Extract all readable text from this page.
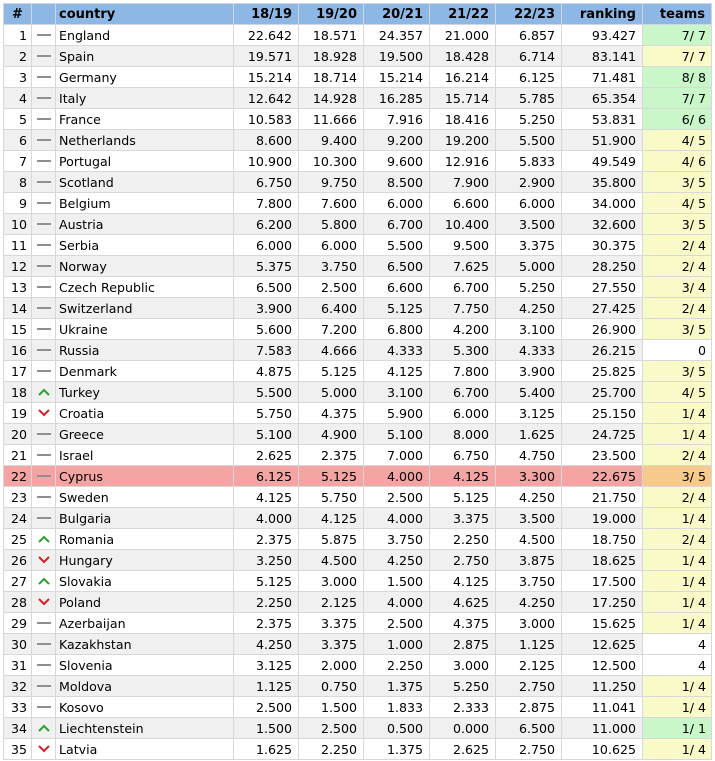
#		country	18/19	19/20	20/21	21/22	22/23	ranking	teams
1		England	22.642	18.571	24.357	21.000	6.857	93.427	7/ 7
2		Spain	19.571	18.928	19.500	18.428	6.714	83.141	7/ 7
3		Germany	15.214	18.714	15.214	16.214	6.125	71.481	8/ 8
4		Italy	12.642	14.928	16.285	15.714	5.785	65.354	7/ 7
5		France	10.583	11.666	7.916	18.416	5.250	53.831	6/ 6
6		Netherlands	8.600	9.400	9.200	19.200	5.500	51.900	4/ 5
7		Portugal	10.900	10.300	9.600	12.916	5.833	49.549	4/ 6
8		Scotland	6.750	9.750	8.500	7.900	2.900	35.800	3/ 5
9		Belgium	7.800	7.600	6.000	6.600	6.000	34.000	4/ 5
10		Austria	6.200	5.800	6.700	10.400	3.500	32.600	3/ 5
11		Serbia	6.000	6.000	5.500	9.500	3.375	30.375	2/ 4
12		Norway	5.375	3.750	6.500	7.625	5.000	28.250	2/ 4
13		Czech Republic	6.500	2.500	6.600	6.700	5.250	27.550	3/ 4
14		Switzerland	3.900	6.400	5.125	7.750	4.250	27.425	2/ 4
15		Ukraine	5.600	7.200	6.800	4.200	3.100	26.900	3/ 5
16		Russia	7.583	4.666	4.333	5.300	4.333	26.215	0
17		Denmark	4.875	5.125	4.125	7.800	3.900	25.825	3/ 5
18		Turkey	5.500	5.000	3.100	6.700	5.400	25.700	4/ 5
19		Croatia	5.750	4.375	5.900	6.000	3.125	25.150	1/ 4
20		Greece	5.100	4.900	5.100	8.000	1.625	24.725	1/ 4
21		Israel	2.625	2.375	7.000	6.750	4.750	23.500	2/ 4
22		Cyprus	6.125	5.125	4.000	4.125	3.300	22.675	3/ 5
23		Sweden	4.125	5.750	2.500	5.125	4.250	21.750	2/ 4
24		Bulgaria	4.000	4.125	4.000	3.375	3.500	19.000	1/ 4
25		Romania	2.375	5.875	3.750	2.250	4.500	18.750	2/ 4
26		Hungary	3.250	4.500	4.250	2.750	3.875	18.625	1/ 4
27		Slovakia	5.125	3.000	1.500	4.125	3.750	17.500	1/ 4
28		Poland	2.250	2.125	4.000	4.625	4.250	17.250	1/ 4
29		Azerbaijan	2.375	3.375	2.500	4.375	3.000	15.625	1/ 4
30		Kazakhstan	4.250	3.375	1.000	2.875	1.125	12.625	4
31		Slovenia	3.125	2.000	2.250	3.000	2.125	12.500	4
32		Moldova	1.125	0.750	1.375	5.250	2.750	11.250	1/ 4
33		Kosovo	2.500	1.500	1.833	2.333	2.875	11.041	1/ 4
34		Liechtenstein	1.500	2.500	0.500	0.000	6.500	11.000	1/ 1
35		Latvia	1.625	2.250	1.375	2.625	2.750	10.625	1/ 4
